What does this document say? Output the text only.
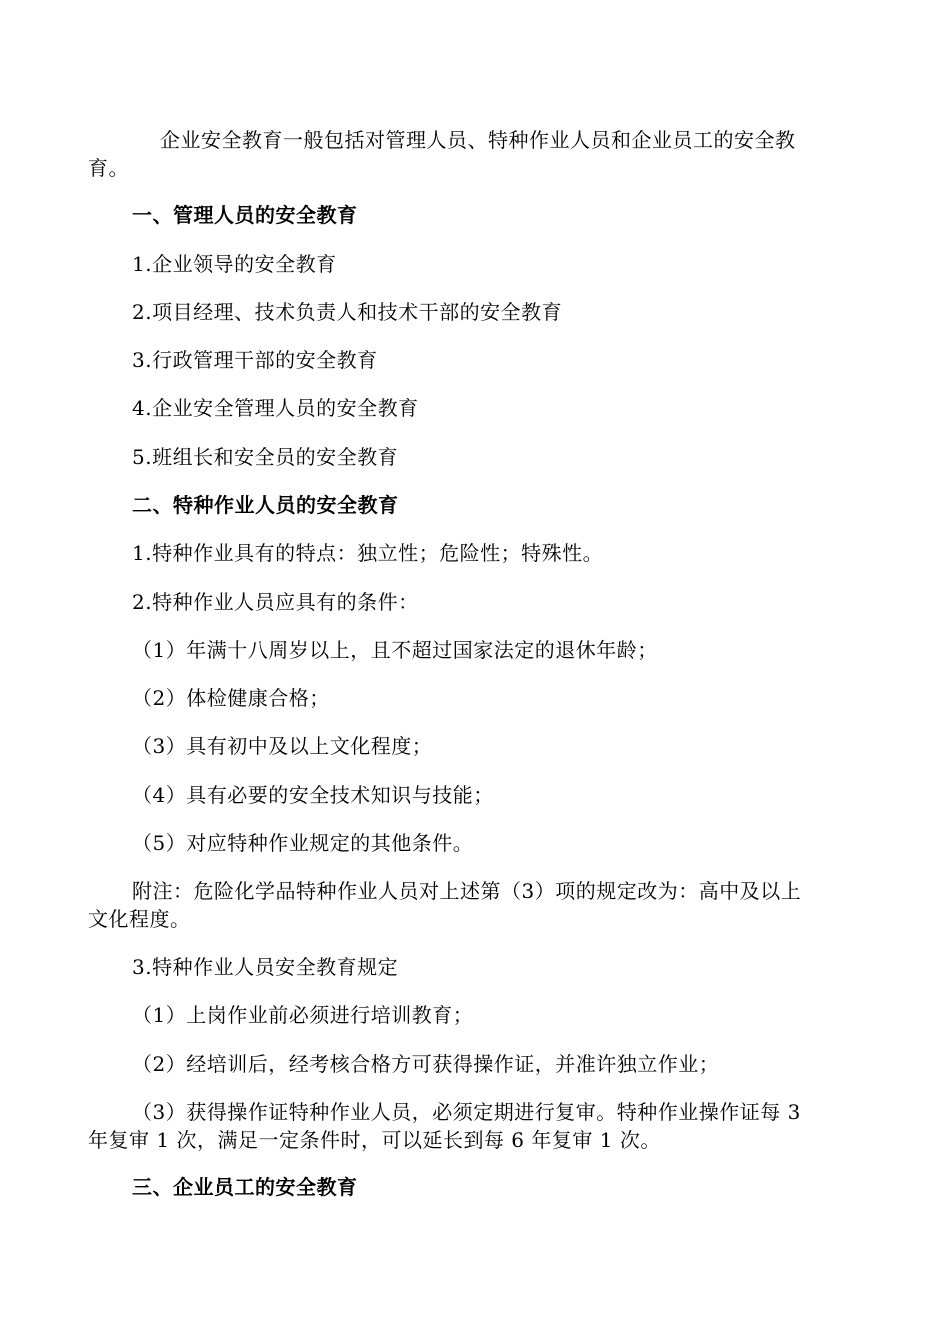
企业安全教育一般包括对管理人员、特种作业人员和企业员工的安全教
育。
一、管理人员的安全教育
1.企业领导的安全教育
2.项目经理、技术负责人和技术干部的安全教育
3.行政管理干部的安全教育
4.企业安全管理人员的安全教育
5.班组长和安全员的安全教育
二、特种作业人员的安全教育
1.特种作业具有的特点：独立性；危险性；特殊性。
2.特种作业人员应具有的条件：
（1）年满十八周岁以上，且不超过国家法定的退休年龄；
（2）体检健康合格；
（3）具有初中及以上文化程度；
（4）具有必要的安全技术知识与技能；
（5）对应特种作业规定的其他条件。
附注：危险化学品特种作业人员对上述第（3）项的规定改为：高中及以上
文化程度。
3.特种作业人员安全教育规定
（1）上岗作业前必须进行培训教育；
（2）经培训后，经考核合格方可获得操作证，并准许独立作业；
（3）获得操作证特种作业人员，必须定期进行复审。特种作业操作证每 3
年复审 1 次，满足一定条件时，可以延长到每 6 年复审 1 次。
三、企业员工的安全教育
